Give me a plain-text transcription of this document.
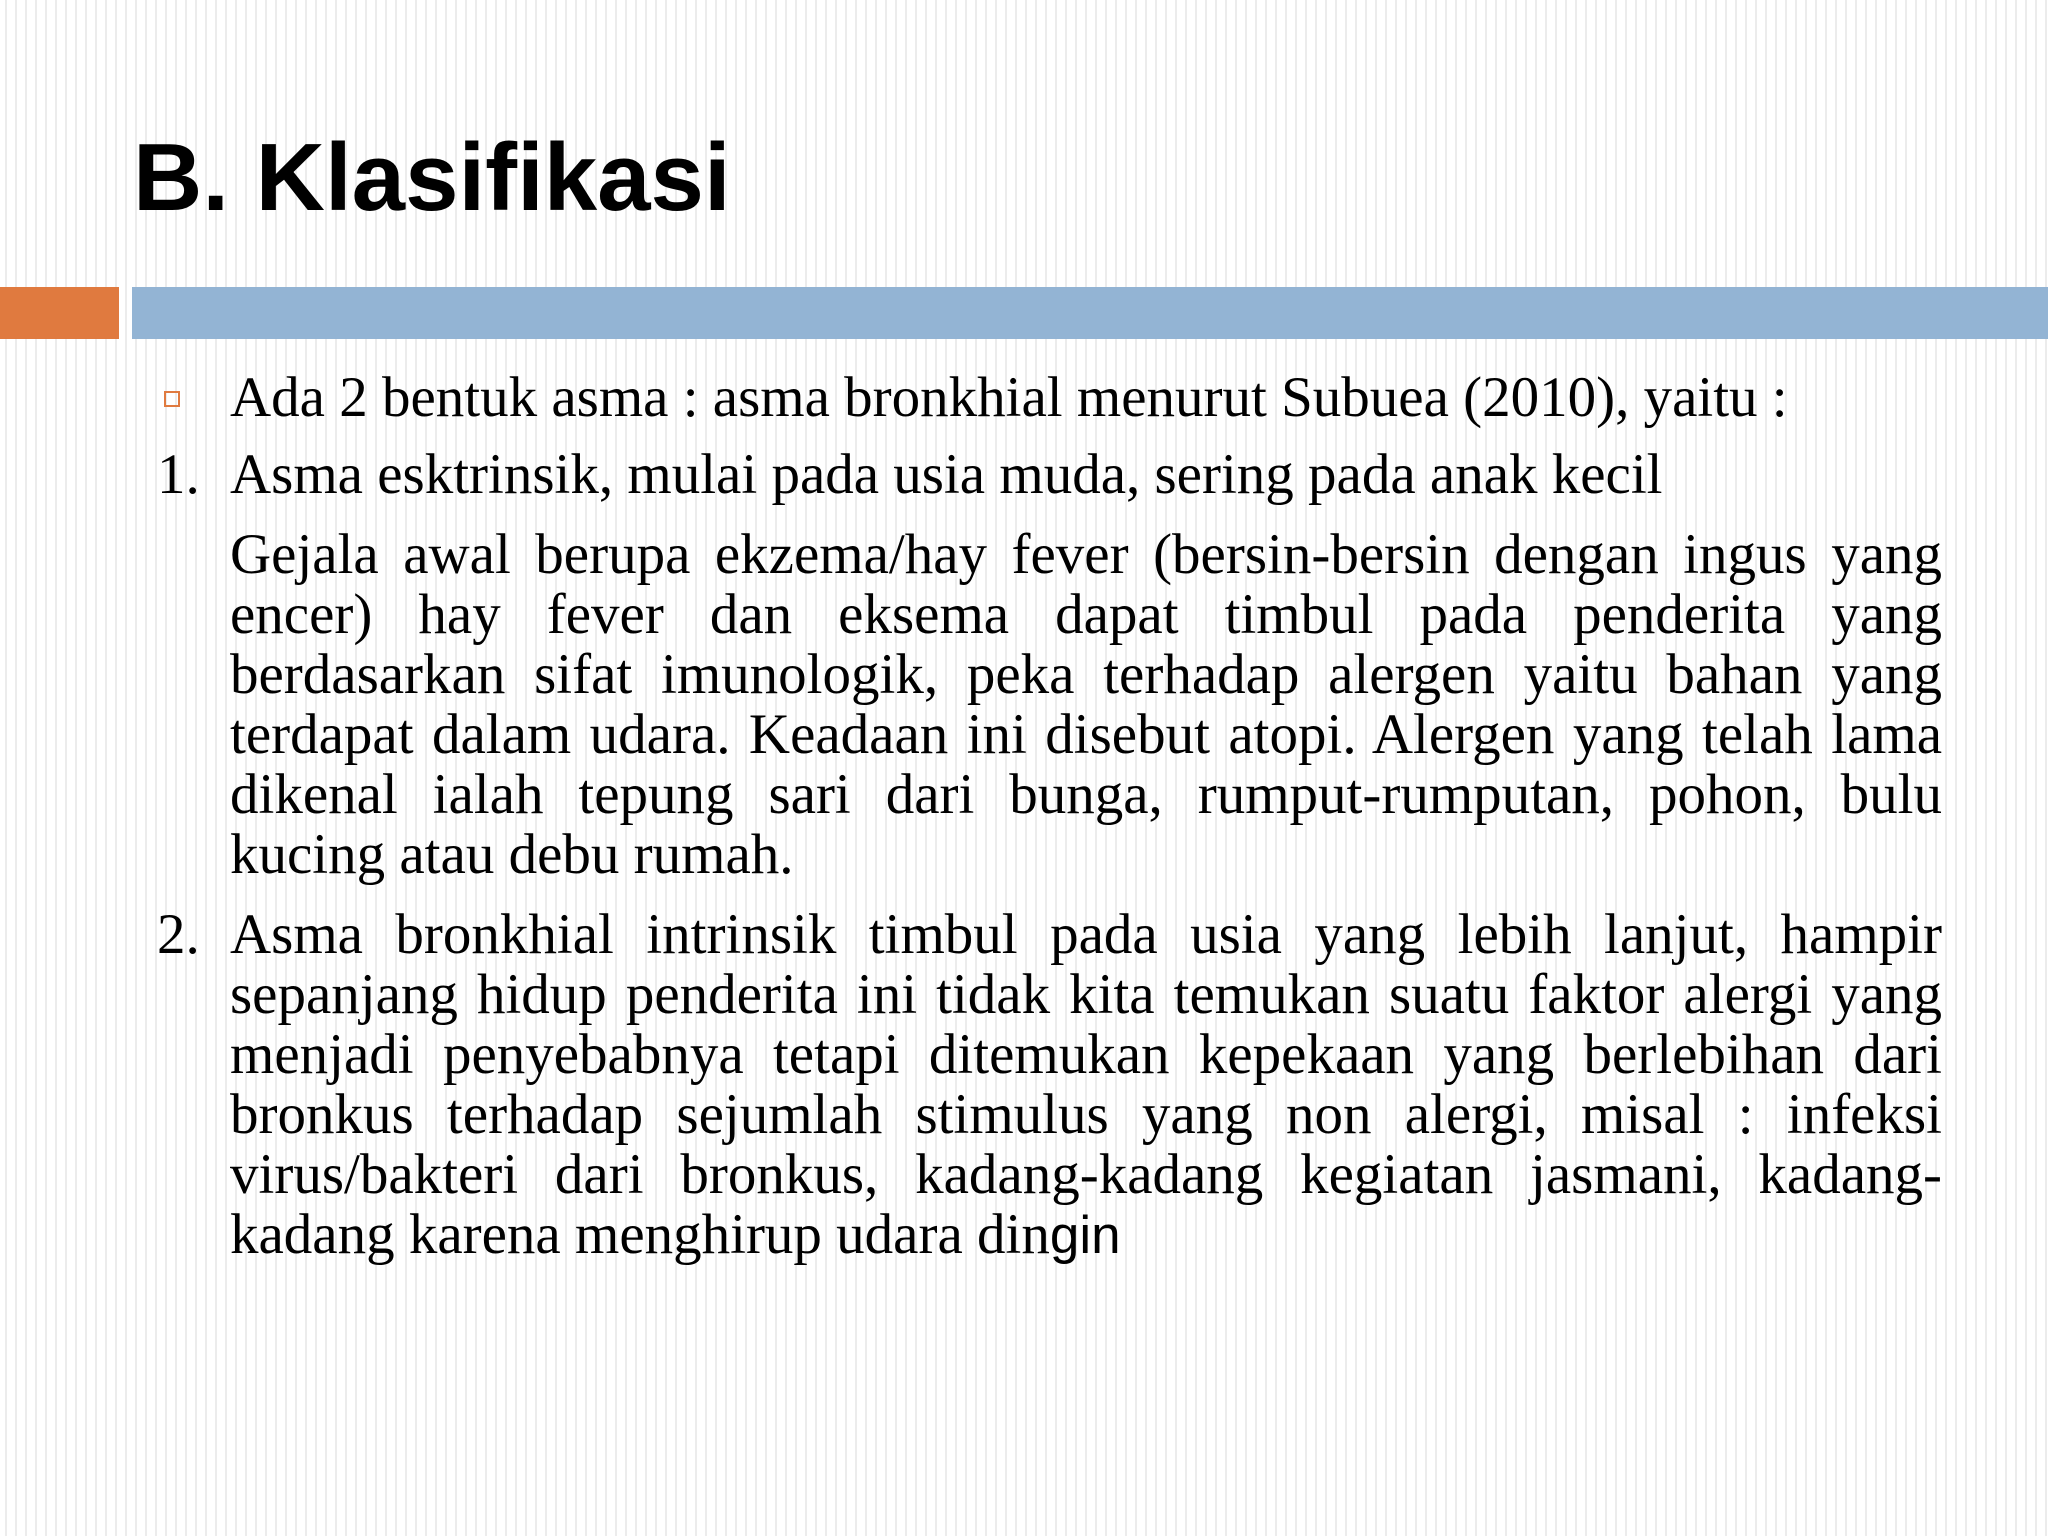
B. Klasifikasi
Ada 2 bentuk asma : asma bronkhial menurut Subuea (2010), yaitu :
1. Asma esktrinsik, mulai pada usia muda, sering pada anak kecil

Gejala awal berupa ekzema/hay fever (bersin-bersin dengan ingus yang encer) hay fever dan eksema dapat timbul pada penderita yang berdasarkan sifat imunologik, peka terhadap alergen yaitu bahan yang terdapat dalam udara. Keadaan ini disebut atopi. Alergen yang telah lama dikenal ialah tepung sari dari bunga, rumput-rumputan, pohon, bulu kucing atau debu rumah.

2. Asma bronkhial intrinsik timbul pada usia yang lebih lanjut, hampir sepanjang hidup penderita ini tidak kita temukan suatu faktor alergi yang menjadi penyebabnya tetapi ditemukan kepekaan yang berlebihan dari bronkus terhadap sejumlah stimulus yang non alergi, misal : infeksi virus/bakteri dari bronkus, kadang-kadang kegiatan jasmani, kadang-kadang karena menghirup udara dingin
